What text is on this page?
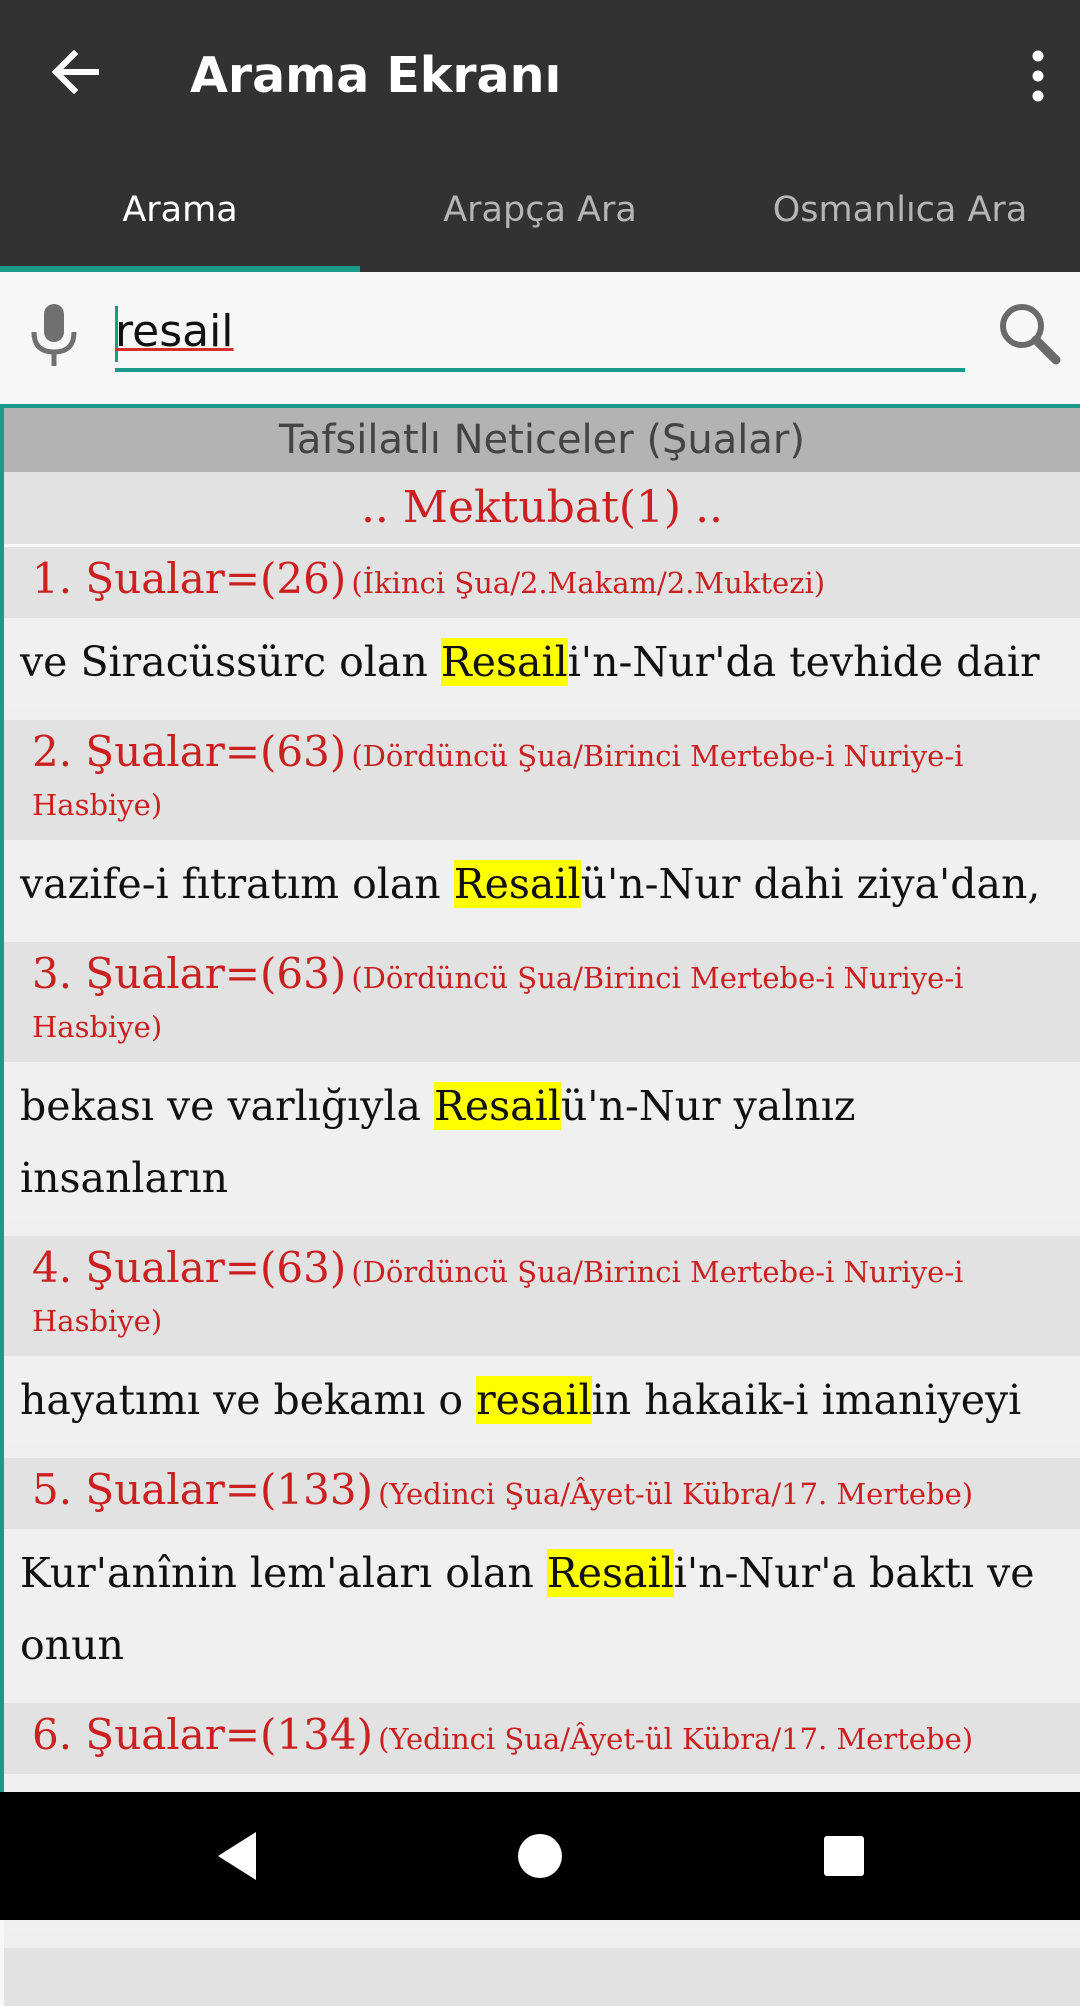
Arama Ekranı
Arama	Arapça Ara	Osmanlıca Ara
resail
Tafsilatlı Neticeler (Şualar)
.. Mektubat(1) ..
1. Şualar=(26) (İkinci Şua/2.Makam/2.Muktezi)
ve Siracüssürc olan Resaili'n-Nur'da tevhide dair
2. Şualar=(63) (Dördüncü Şua/Birinci Mertebe-i Nuriye-i Hasbiye)
vazife-i fıtratım olan Resailü'n-Nur dahi ziya'dan,
3. Şualar=(63) (Dördüncü Şua/Birinci Mertebe-i Nuriye-i Hasbiye)
bekası ve varlığıyla Resailü'n-Nur yalnız insanların
4. Şualar=(63) (Dördüncü Şua/Birinci Mertebe-i Nuriye-i Hasbiye)
hayatımı ve bekamı o resailin hakaik-i imaniyeyi
5. Şualar=(133) (Yedinci Şua/Âyet-ül Kübra/17. Mertebe)
Kur'anînin lem'aları olan Resaili'n-Nur'a baktı ve onun
6. Şualar=(134) (Yedinci Şua/Âyet-ül Kübra/17. Mertebe)
